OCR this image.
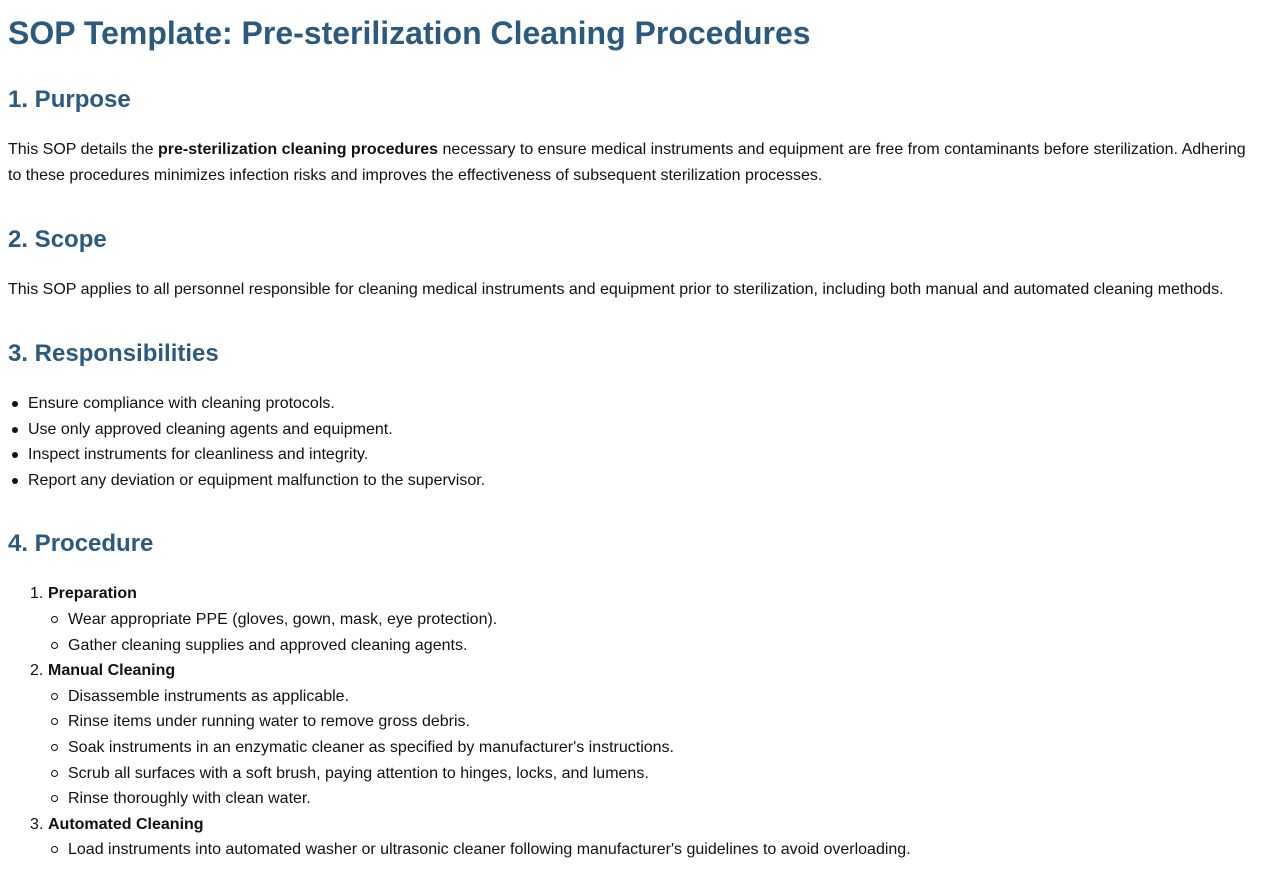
SOP Template: Pre-sterilization Cleaning Procedures
1. Purpose

This SOP details the pre-sterilization cleaning procedures necessary to ensure medical instruments and equipment are free from contaminants before sterilization. Adhering to these procedures minimizes infection risks and improves the effectiveness of subsequent sterilization processes.

2. Scope

This SOP applies to all personnel responsible for cleaning medical instruments and equipment prior to sterilization, including both manual and automated cleaning methods.

3. Responsibilities
Ensure compliance with cleaning protocols.
Use only approved cleaning agents and equipment.
Inspect instruments for cleanliness and integrity.
Report any deviation or equipment malfunction to the supervisor.
4. Procedure
1. Preparation
Wear appropriate PPE (gloves, gown, mask, eye protection).
Gather cleaning supplies and approved cleaning agents.
2. Manual Cleaning
Disassemble instruments as applicable.
Rinse items under running water to remove gross debris.
Soak instruments in an enzymatic cleaner as specified by manufacturer's instructions.
Scrub all surfaces with a soft brush, paying attention to hinges, locks, and lumens.
Rinse thoroughly with clean water.
3. Automated Cleaning
Load instruments into automated washer or ultrasonic cleaner following manufacturer's guidelines to avoid overloading.
